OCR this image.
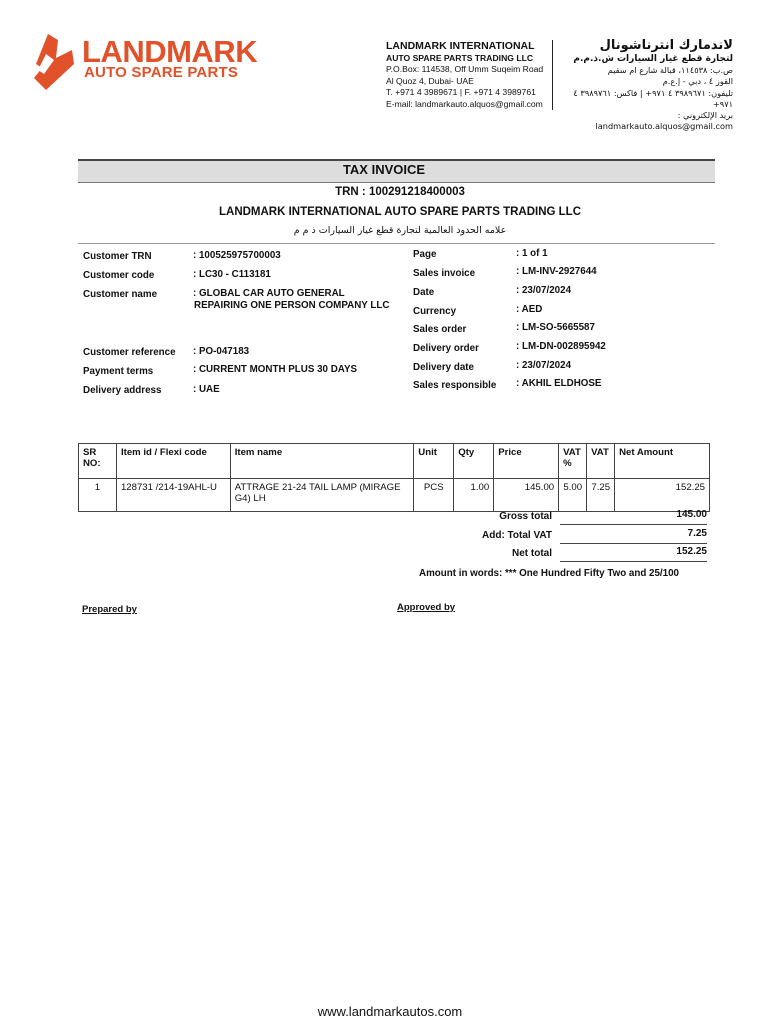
LANDMARK
AUTO SPARE PARTS
LANDMARK INTERNATIONAL
AUTO SPARE PARTS TRADING LLC
P.O.Box: 114538, Off Umm Suqeim Road
Al Quoz 4, Dubai- UAE
T. +971 4 3989671 | F. +971 4 3989761
E-mail: landmarkauto.alquos@gmail.com
لاندمارك انترناشونال
لتجارة قطع غيار السيارات ش.ذ.م.م
ص.ب: ١١٤٥٣٨، قبالة شارع ام سقيم
القوز ٤ ، دبي - إ.ع.م
تليفون: ٣٩٨٩٦٧١ ٤ ٩٧١+ | فاكس: ٣٩٨٩٧٦١ ٤ ٩٧١+
بريد الإلكتروني : landmarkauto.alquos@gmail.com
TAX INVOICE
TRN : 100291218400003
LANDMARK INTERNATIONAL AUTO SPARE PARTS TRADING LLC
علامه الحدود العالمية لتجارة قطع غيار السيارات ذ م م
Customer TRN	: 100525975700003
Customer code	: LC30 - C113181
Customer name	: GLOBAL CAR AUTO GENERAL
REPAIRING ONE PERSON COMPANY LLC
Customer reference : PO-047183
Payment terms	: CURRENT MONTH PLUS 30 DAYS
Delivery address	: UAE
Page	: 1 of 1
Sales invoice	: LM-INV-2927644
Date	: 23/07/2024
Currency	: AED
Sales order	: LM-SO-5665587
Delivery order	: LM-DN-002895942
Delivery date	: 23/07/2024
Sales responsible : AKHIL ELDHOSE
SR NO:	Item id / Flexi code	Item name	Unit	Qty	Price	VAT %	VAT	Net Amount
1	128731 /214-19AHL-U	ATTRAGE 21-24 TAIL LAMP (MIRAGE G4) LH	PCS	1.00	145.00	5.00	7.25	152.25
Gross total	145.00
Add: Total VAT	7.25
Net total	152.25
Amount in words: *** One Hundred Fifty Two and 25/100
Prepared by	Approved by
www.landmarkautos.com
